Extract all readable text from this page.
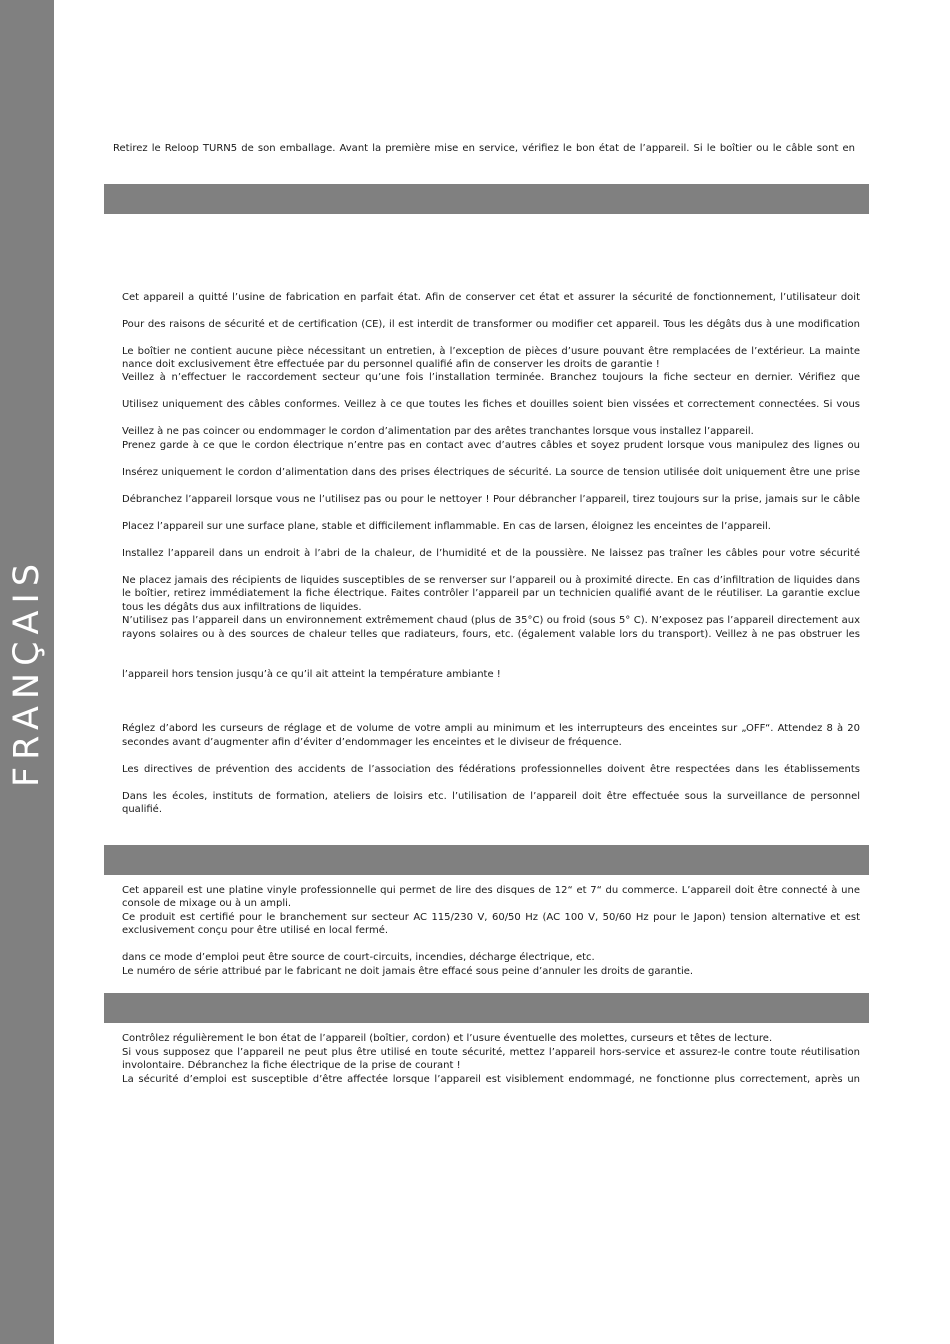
FRANÇAIS
Retirez le Reloop TURN5 de son emballage. Avant la première mise en service, vérifiez le bon état de l’appareil. Si le boîtier ou le câble sont en
Cet appareil a quitté l’usine de fabrication en parfait état. Afin de conserver cet état et assurer la sécurité de fonctionnement, l’utilisateur doit
Pour des raisons de sécurité et de certification (CE), il est interdit de transformer ou modifier cet appareil. Tous les dégâts dus à une modification
Le boîtier ne contient aucune pièce nécessitant un entretien, à l’exception de pièces d’usure pouvant être remplacées de l’extérieur. La mainte
nance doit exclusivement être effectuée par du personnel qualifié afin de conserver les droits de garantie !
Veillez à n’effectuer le raccordement secteur qu’une fois l’installation terminée. Branchez toujours la fiche secteur en dernier. Vérifiez que
Utilisez uniquement des câbles conformes. Veillez à ce que toutes les fiches et douilles soient bien vissées et correctement connectées. Si vous
Veillez à ne pas coincer ou endommager le cordon d’alimentation par des arêtes tranchantes lorsque vous installez l’appareil.
Prenez garde à ce que le cordon électrique n’entre pas en contact avec d’autres câbles et soyez prudent lorsque vous manipulez des lignes ou
Insérez uniquement le cordon d’alimentation dans des prises électriques de sécurité. La source de tension utilisée doit uniquement être une prise
Débranchez l’appareil lorsque vous ne l’utilisez pas ou pour le nettoyer ! Pour débrancher l’appareil, tirez toujours sur la prise, jamais sur le câble
Placez l’appareil sur une surface plane, stable et difficilement inflammable. En cas de larsen, éloignez les enceintes de l’appareil.
Installez l’appareil dans un endroit à l’abri de la chaleur, de l’humidité et de la poussière. Ne laissez pas traîner les câbles pour votre sécurité
Ne placez jamais des récipients de liquides susceptibles de se renverser sur l’appareil ou à proximité directe. En cas d’infiltration de liquides dans
le boîtier, retirez immédiatement la fiche électrique. Faites contrôler l’appareil par un technicien qualifié avant de le réutiliser. La garantie exclue
tous les dégâts dus aux infiltrations de liquides.
N’utilisez pas l’appareil dans un environnement extrêmement chaud (plus de 35°C) ou froid (sous 5° C). N’exposez pas l’appareil directement aux
rayons solaires ou à des sources de chaleur telles que radiateurs, fours, etc. (également valable lors du transport). Veillez à ne pas obstruer les
l’appareil hors tension jusqu’à ce qu’il ait atteint la température ambiante !
Réglez d’abord les curseurs de réglage et de volume de votre ampli au minimum et les interrupteurs des enceintes sur „OFF“. Attendez 8 à 20
secondes avant d’augmenter afin d’éviter d’endommager les enceintes et le diviseur de fréquence.
Les directives de prévention des accidents de l’association des fédérations professionnelles doivent être respectées dans les établissements
Dans les écoles, instituts de formation, ateliers de loisirs etc. l’utilisation de l’appareil doit être effectuée sous la surveillance de personnel
qualifié.
Cet appareil est une platine vinyle professionnelle qui permet de lire des disques de 12“ et 7“ du commerce. L’appareil doit être connecté à une
console de mixage ou à un ampli.
Ce produit est certifié pour le branchement sur secteur AC 115/230 V, 60/50 Hz (AC 100 V, 50/60 Hz pour le Japon) tension alternative et est
exclusivement conçu pour être utilisé en local fermé.
dans ce mode d’emploi peut être source de court-circuits, incendies, décharge électrique, etc.
Le numéro de série attribué par le fabricant ne doit jamais être effacé sous peine d’annuler les droits de garantie.
Contrôlez régulièrement le bon état de l’appareil (boîtier, cordon) et l’usure éventuelle des molettes, curseurs et têtes de lecture.
Si vous supposez que l’appareil ne peut plus être utilisé en toute sécurité, mettez l’appareil hors-service et assurez-le contre toute réutilisation
involontaire. Débranchez la fiche électrique de la prise de courant !
La sécurité d’emploi est susceptible d’être affectée lorsque l’appareil est visiblement endommagé, ne fonctionne plus correctement, après un
